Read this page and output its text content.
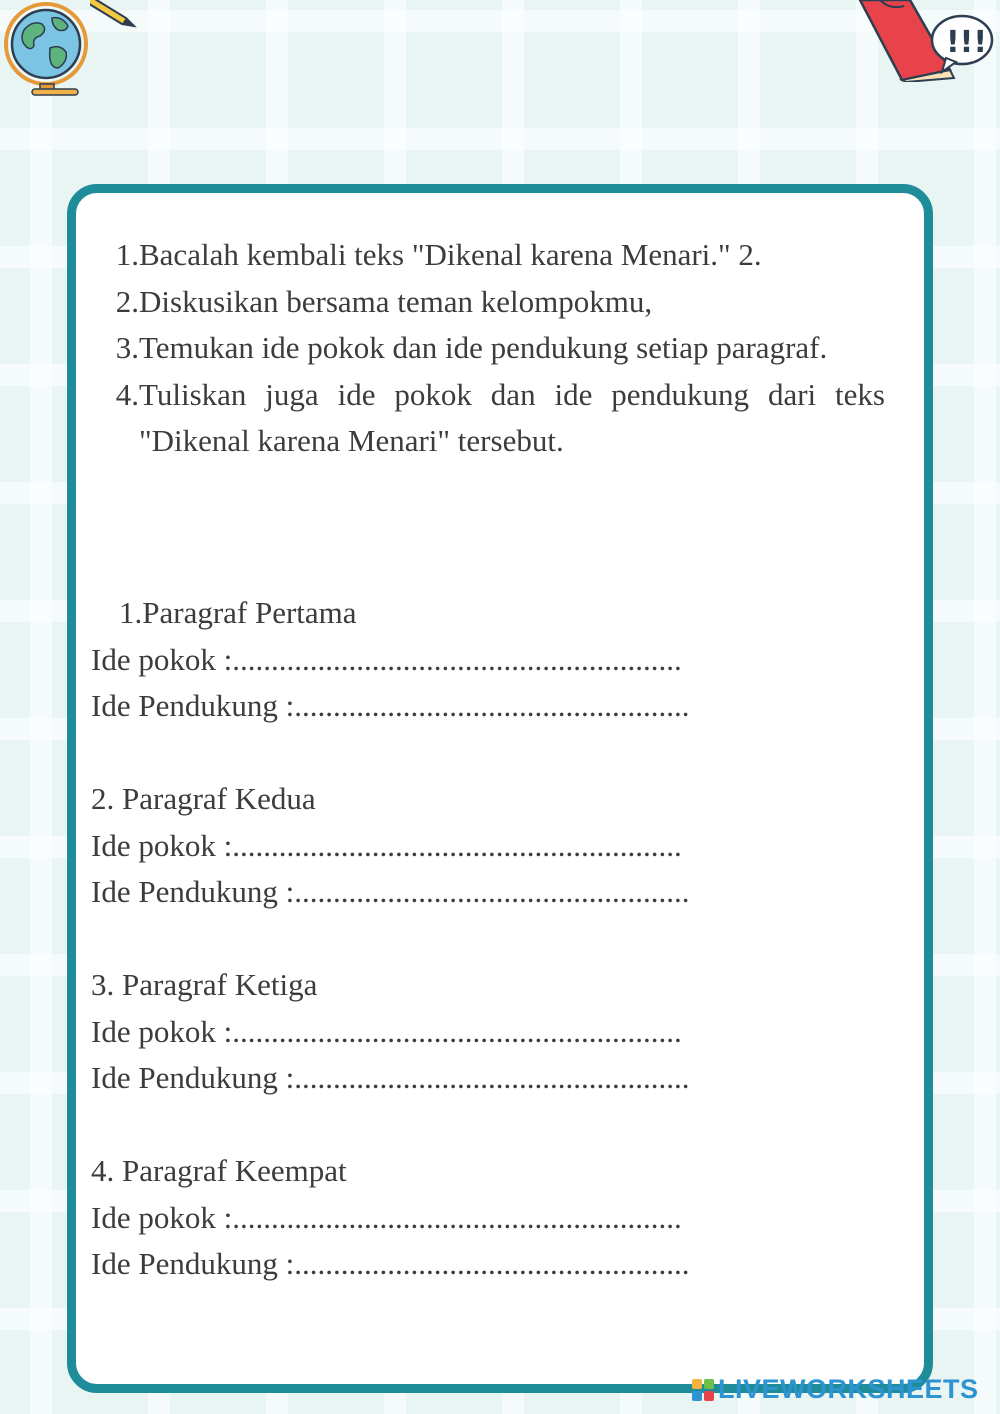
!!!
1. Bacalah kembali teks "Dikenal karena Menari." 2.
2. Diskusikan bersama teman kelompokmu,
3. Temukan ide pokok dan ide pendukung setiap paragraf.
4. Tuliskan juga ide pokok dan ide pendukung dari teks "Dikenal karena Menari" tersebut.
1.Paragraf Pertama
Ide pokok :..........................................................
Ide Pendukung :...................................................
2. Paragraf Kedua
Ide pokok :..........................................................
Ide Pendukung :...................................................
3. Paragraf Ketiga
Ide pokok :..........................................................
Ide Pendukung :...................................................
4. Paragraf Keempat
Ide pokok :..........................................................
Ide Pendukung :...................................................
LIVEWORKSHEETS
